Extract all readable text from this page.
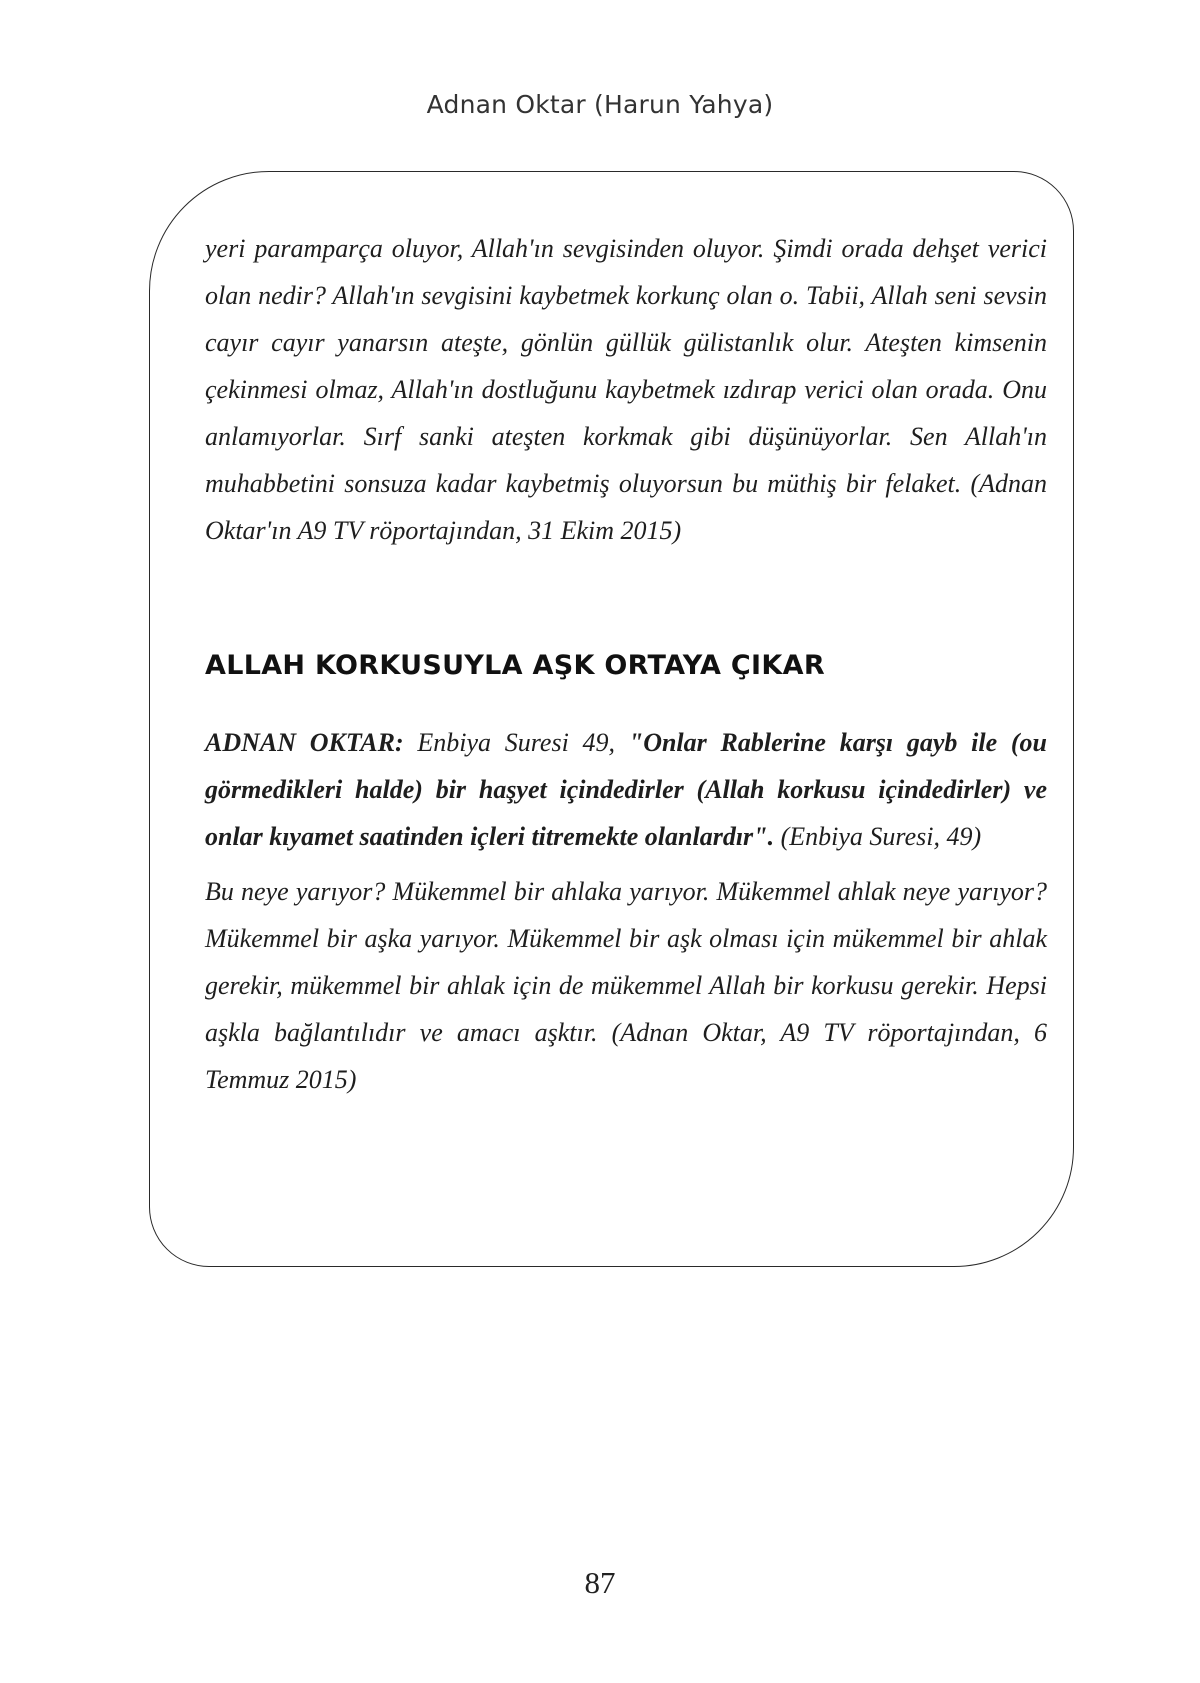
Adnan Oktar (Harun Yahya)

yeri paramparça oluyor, Allah'ın sevgisinden oluyor. Şimdi orada dehşet verici olan nedir? Allah'ın sevgisini kaybetmek korkunç olan o. Tabii, Allah seni sevsin cayır cayır yanarsın ateşte, gönlün güllük gülistanlık olur. Ateşten kimsenin çekinmesi olmaz, Allah'ın dostluğunu kaybetmek ızdırap verici olan orada. Onu anlamıyorlar. Sırf sanki ateşten korkmak gibi düşünüyorlar. Sen Allah'ın muhabbetini sonsuza kadar kaybetmiş oluyorsun bu müthiş bir felaket. (Adnan Oktar'ın A9 TV röportajından, 31 Ekim 2015)

ALLAH KORKUSUYLA AŞK ORTAYA ÇIKAR

ADNAN OKTAR: Enbiya Suresi 49, "Onlar Rablerine karşı gayb ile (ou görmedikleri halde) bir haşyet içindedirler (Allah korkusu içindedirler) ve onlar kıyamet saatinden içleri titremekte olanlardır". (Enbiya Suresi, 49)

Bu neye yarıyor? Mükemmel bir ahlaka yarıyor. Mükemmel ahlak neye yarıyor? Mükemmel bir aşka yarıyor. Mükemmel bir aşk olması için mükemmel bir ahlak gerekir, mükemmel bir ahlak için de mükemmel Allah bir korkusu gerekir. Hepsi aşkla bağlantılıdır ve amacı aşktır. (Adnan Oktar, A9 TV röportajından, 6 Temmuz 2015)

87
